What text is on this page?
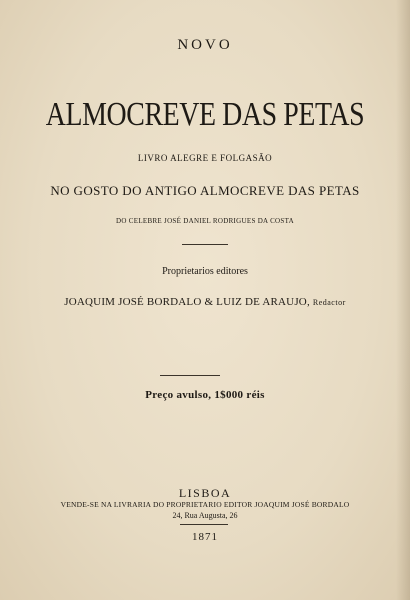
NOVO
ALMOCREVE DAS PETAS
LIVRO ALEGRE E FOLGASÃO
NO GOSTO DO ANTIGO ALMOCREVE DAS PETAS
DO CELEBRE JOSÉ DANIEL RODRIGUES DA COSTA
Proprietarios editores
JOAQUIM JOSÉ BORDALO & LUIZ DE ARAUJO, Redactor
Preço avulso, 1$000 réis
LISBOA
VENDE-SE NA LIVRARIA DO PROPRIETARIO EDITOR JOAQUIM JOSÉ BORDALO
24, Rua Augusta, 26
1871
